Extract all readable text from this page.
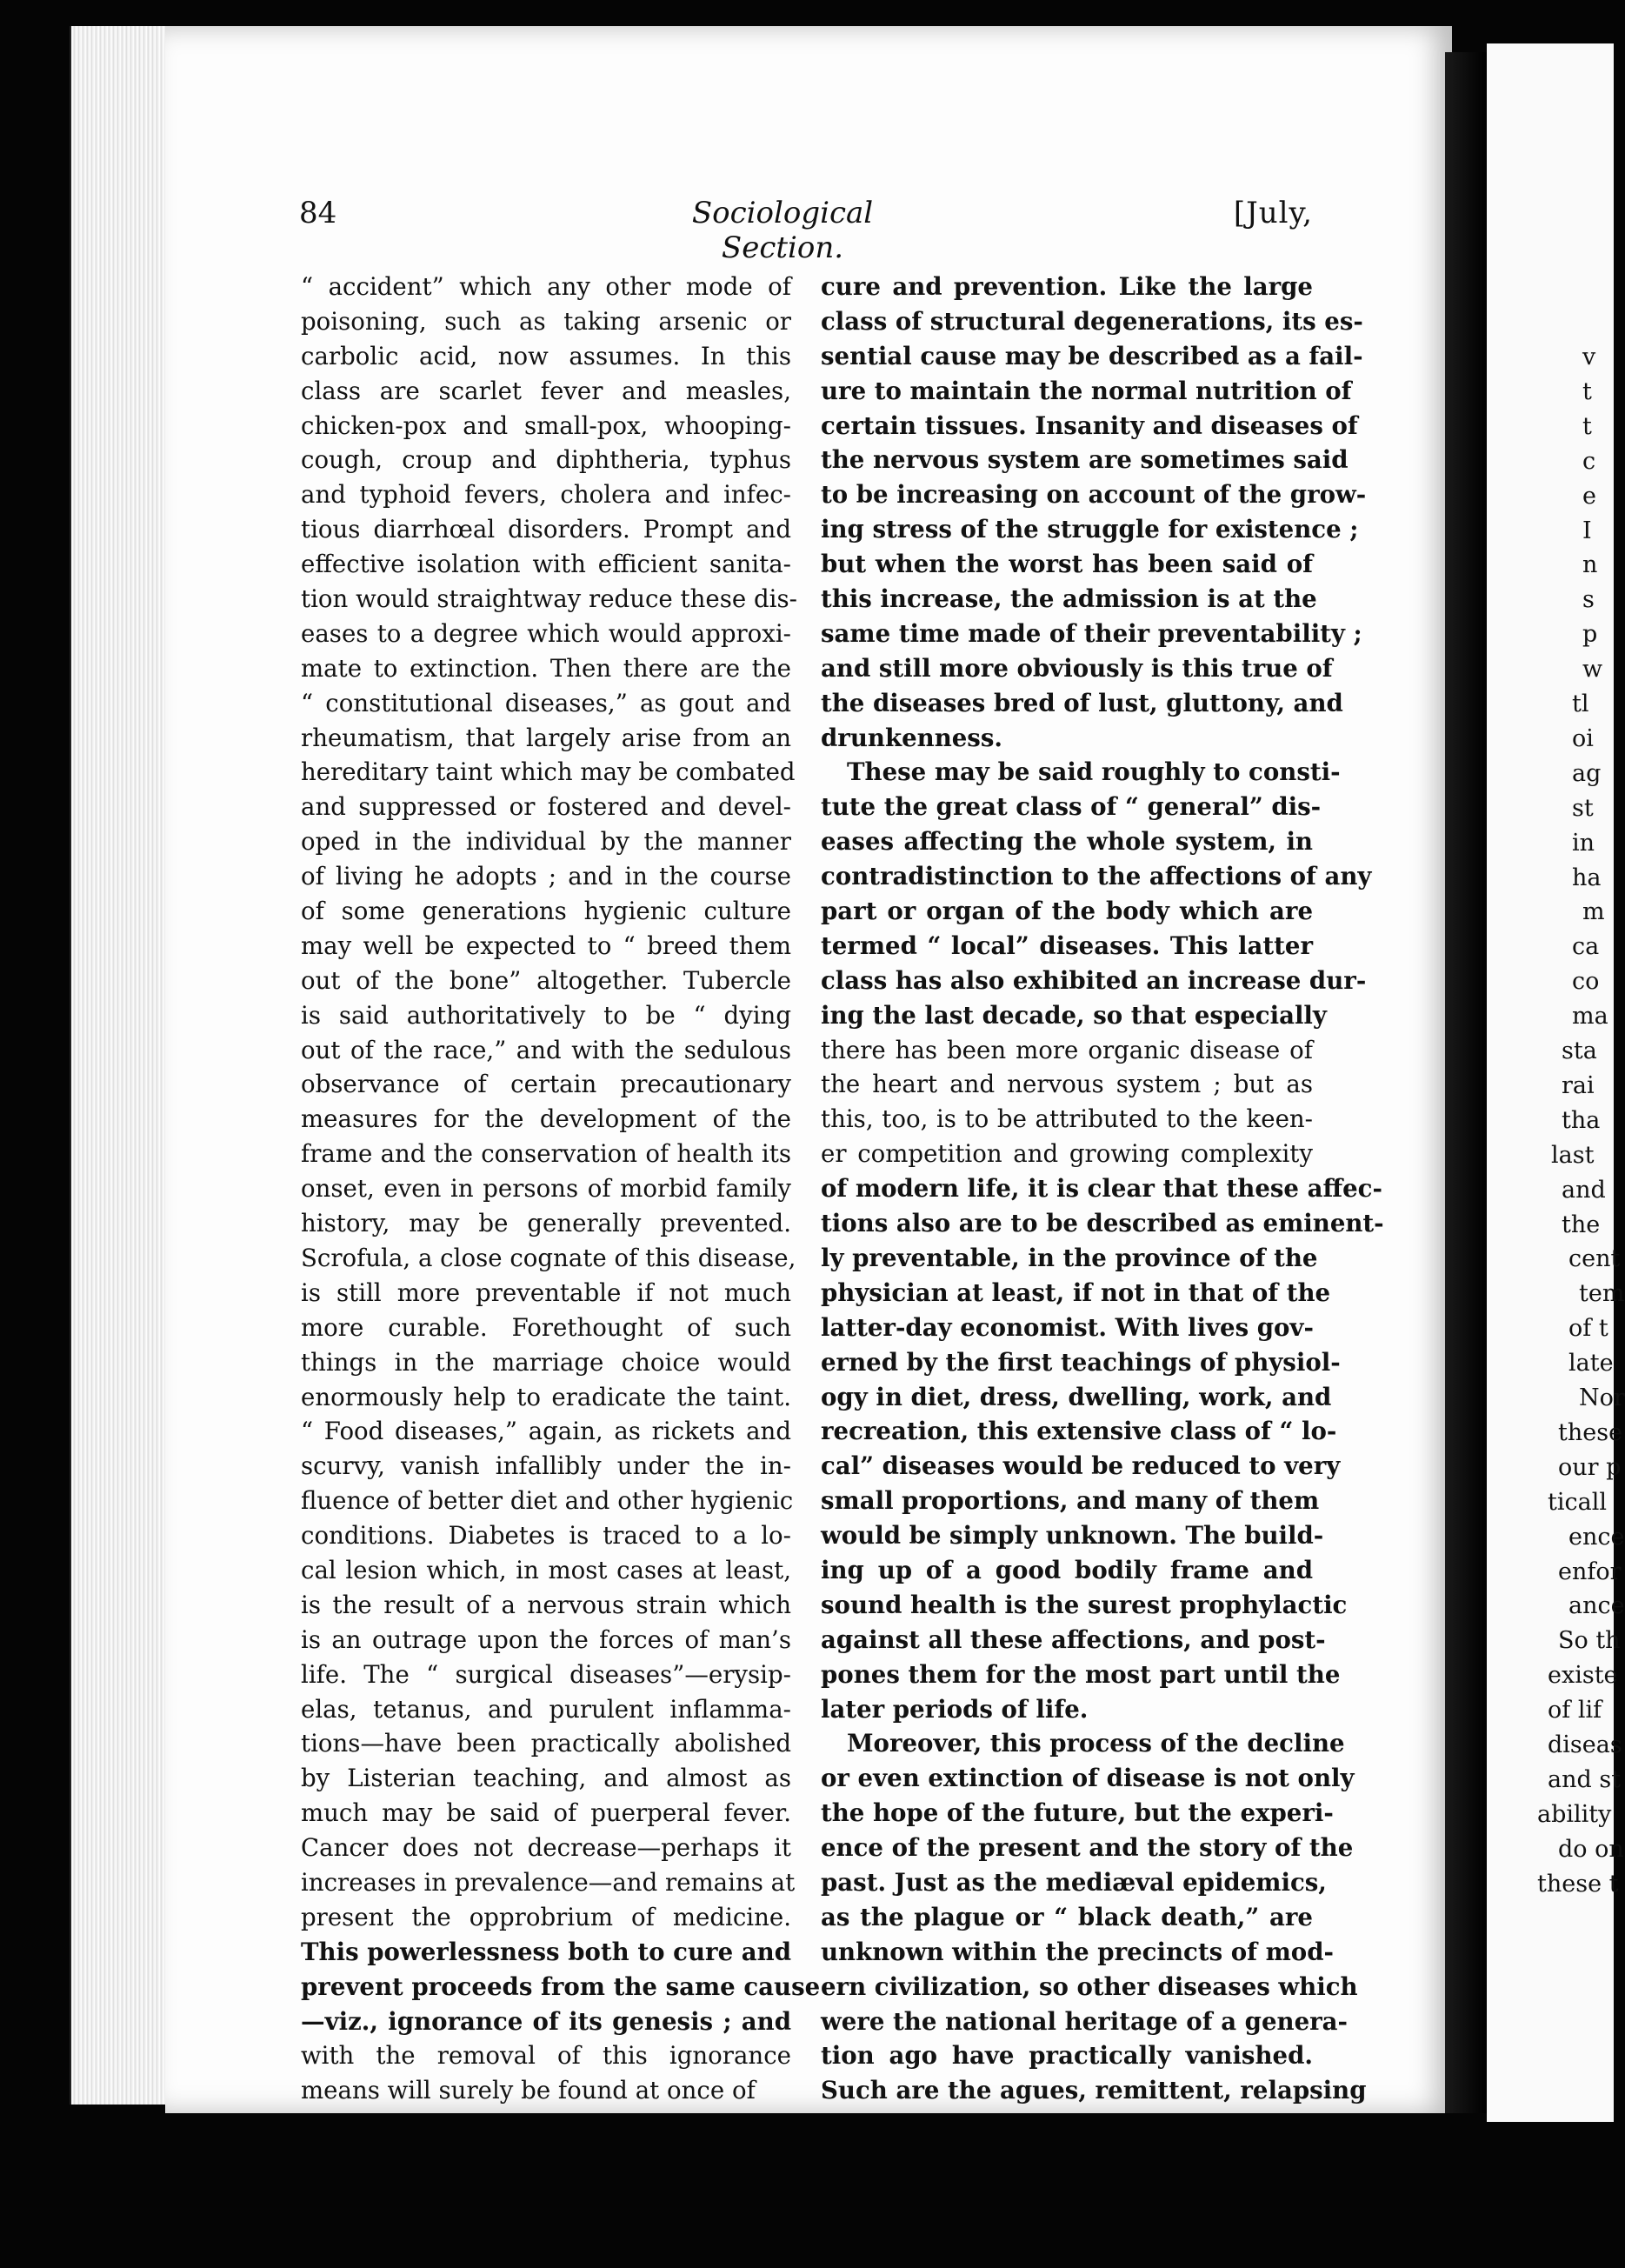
v
t
t
c
e
I
n
s
p
w
tl
oi
ag
st
in
ha
m
ca
co
ma
sta
rai
tha
last
and
the
cent
tem
of t
late
Nor
these
our p
ticall
ence
enfor
ance
So th
existe
of lif
diseas
and st
ability
do on
these t
84	Sociological Section.
[July,
“ accident” which any other mode of
poisoning, such as taking arsenic or
carbolic acid, now assumes. In this
class are scarlet fever and measles,
chicken-pox and small-pox, whooping-
cough, croup and diphtheria, typhus
and typhoid fevers, cholera and infec-
tious diarrhœal disorders. Prompt and
effective isolation with efficient sanita-
tion would straightway reduce these dis-
eases to a degree which would approxi-
mate to extinction. Then there are the
“ constitutional diseases,” as gout and
rheumatism, that largely arise from an
hereditary taint which may be combated
and suppressed or fostered and devel-
oped in the individual by the manner
of living he adopts ; and in the course
of some generations hygienic culture
may well be expected to “ breed them
out of the bone” altogether. Tubercle
is said authoritatively to be “ dying
out of the race,” and with the sedulous
observance of certain precautionary
measures for the development of the
frame and the conservation of health its
onset, even in persons of morbid family
history, may be generally prevented.
Scrofula, a close cognate of this disease,
is still more preventable if not much
more curable. Forethought of such
things in the marriage choice would
enormously help to eradicate the taint.
“ Food diseases,” again, as rickets and
scurvy, vanish infallibly under the in-
fluence of better diet and other hygienic
conditions. Diabetes is traced to a lo-
cal lesion which, in most cases at least,
is the result of a nervous strain which
is an outrage upon the forces of man’s
life. The “ surgical diseases”—erysip-
elas, tetanus, and purulent inflamma-
tions—have been practically abolished
by Listerian teaching, and almost as
much may be said of puerperal fever.
Cancer does not decrease—perhaps it
increases in prevalence—and remains at
present the opprobrium of medicine.
This powerlessness both to cure and
prevent proceeds from the same cause
—viz., ignorance of its genesis ; and
with the removal of this ignorance
means will surely be found at once of
cure and prevention. Like the large
class of structural degenerations, its es-
sential cause may be described as a fail-
ure to maintain the normal nutrition of
certain tissues. Insanity and diseases of
the nervous system are sometimes said
to be increasing on account of the grow-
ing stress of the struggle for existence ;
but when the worst has been said of
this increase, the admission is at the
same time made of their preventability ;
and still more obviously is this true of
the diseases bred of lust, gluttony, and
drunkenness.
These may be said roughly to consti-
tute the great class of “ general” dis-
eases affecting the whole system, in
contradistinction to the affections of any
part or organ of the body which are
termed “ local” diseases. This latter
class has also exhibited an increase dur-
ing the last decade, so that especially
there has been more organic disease of
the heart and nervous system ; but as
this, too, is to be attributed to the keen-
er competition and growing complexity
of modern life, it is clear that these affec-
tions also are to be described as eminent-
ly preventable, in the province of the
physician at least, if not in that of the
latter-day economist. With lives gov-
erned by the first teachings of physiol-
ogy in diet, dress, dwelling, work, and
recreation, this extensive class of “ lo-
cal” diseases would be reduced to very
small proportions, and many of them
would be simply unknown. The build-
ing up of a good bodily frame and
sound health is the surest prophylactic
against all these affections, and post-
pones them for the most part until the
later periods of life.
Moreover, this process of the decline
or even extinction of disease is not only
the hope of the future, but the experi-
ence of the present and the story of the
past. Just as the mediæval epidemics,
as the plague or “ black death,” are
unknown within the precincts of mod-
ern civilization, so other diseases which
were the national heritage of a genera-
tion ago have practically vanished.
Such are the agues, remittent, relapsing
